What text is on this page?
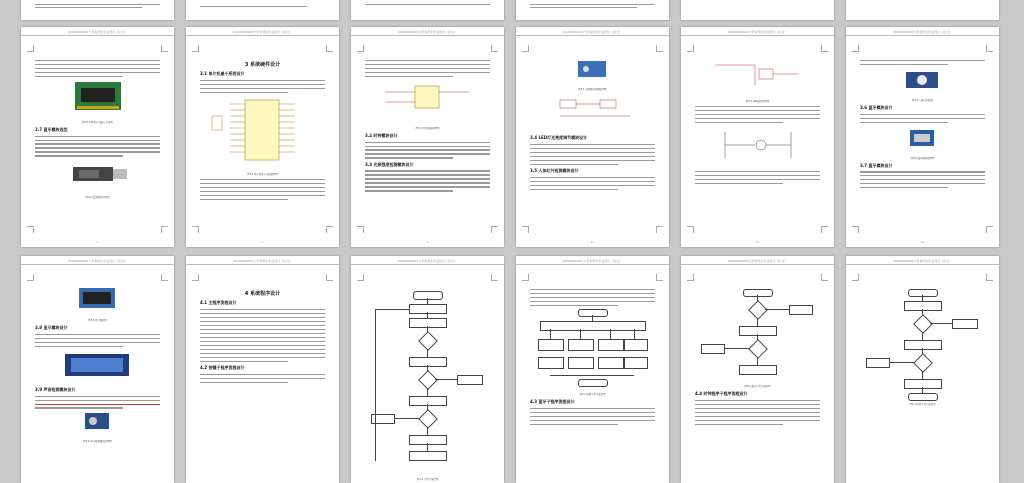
XXXXXXXXXX大学本科生毕业设计（论文）
图2.5 STC单片机最小系统图
2.7 蓝牙模块选型
图2.6 蓝牙模块实物图
7
XXXXXXXXXX大学本科生毕业设计（论文）
3 系统硬件设计
3.1 单片机最小系统设计
图3.1 单片机最小系统原理图
8
XXXXXXXXXX大学本科生毕业设计（论文）
图3.2 时钟模块原理图
3.2 时钟模块设计
3.3 光照强度检测模块设计
9
XXXXXXXXXX大学本科生毕业设计（论文）
图3.3 光照强度检测原理图
3.4 LED灯光亮度调节模块设计
3.5 人体红外检测模块设计
10
XXXXXXXXXX大学本科生毕业设计（论文）
图3.4 LED驱动原理图
11
XXXXXXXXXX大学本科生毕业设计（论文）
图3.5 人体红外模块
3.6 蓝牙模块设计
图3.6 蓝牙模块原理图
3.7 蓝牙模块设计
12
XXXXXXXXXX大学本科生毕业设计（论文）
图3.8 显示模块图
3.8 显示模块设计
3.9 声音检测模块设计
图3.9 声音检测模块原理图
XXXXXXXXXX大学本科生毕业设计（论文）
4 系统程序设计
4.1 主程序流程设计
4.2 按键子程序流程设计
XXXXXXXXXX大学本科生毕业设计（论文）
图4.1 主程序流程图
XXXXXXXXXX大学本科生毕业设计（论文）
图4.2 按键子程序流程图
4.3 蓝牙子程序流程设计
XXXXXXXXXX大学本科生毕业设计（论文）
图4.3 蓝牙子程序流程图
4.4 时钟程序子程序流程设计
XXXXXXXXXX大学本科生毕业设计（论文）
图4.4 时钟子程序流程图
